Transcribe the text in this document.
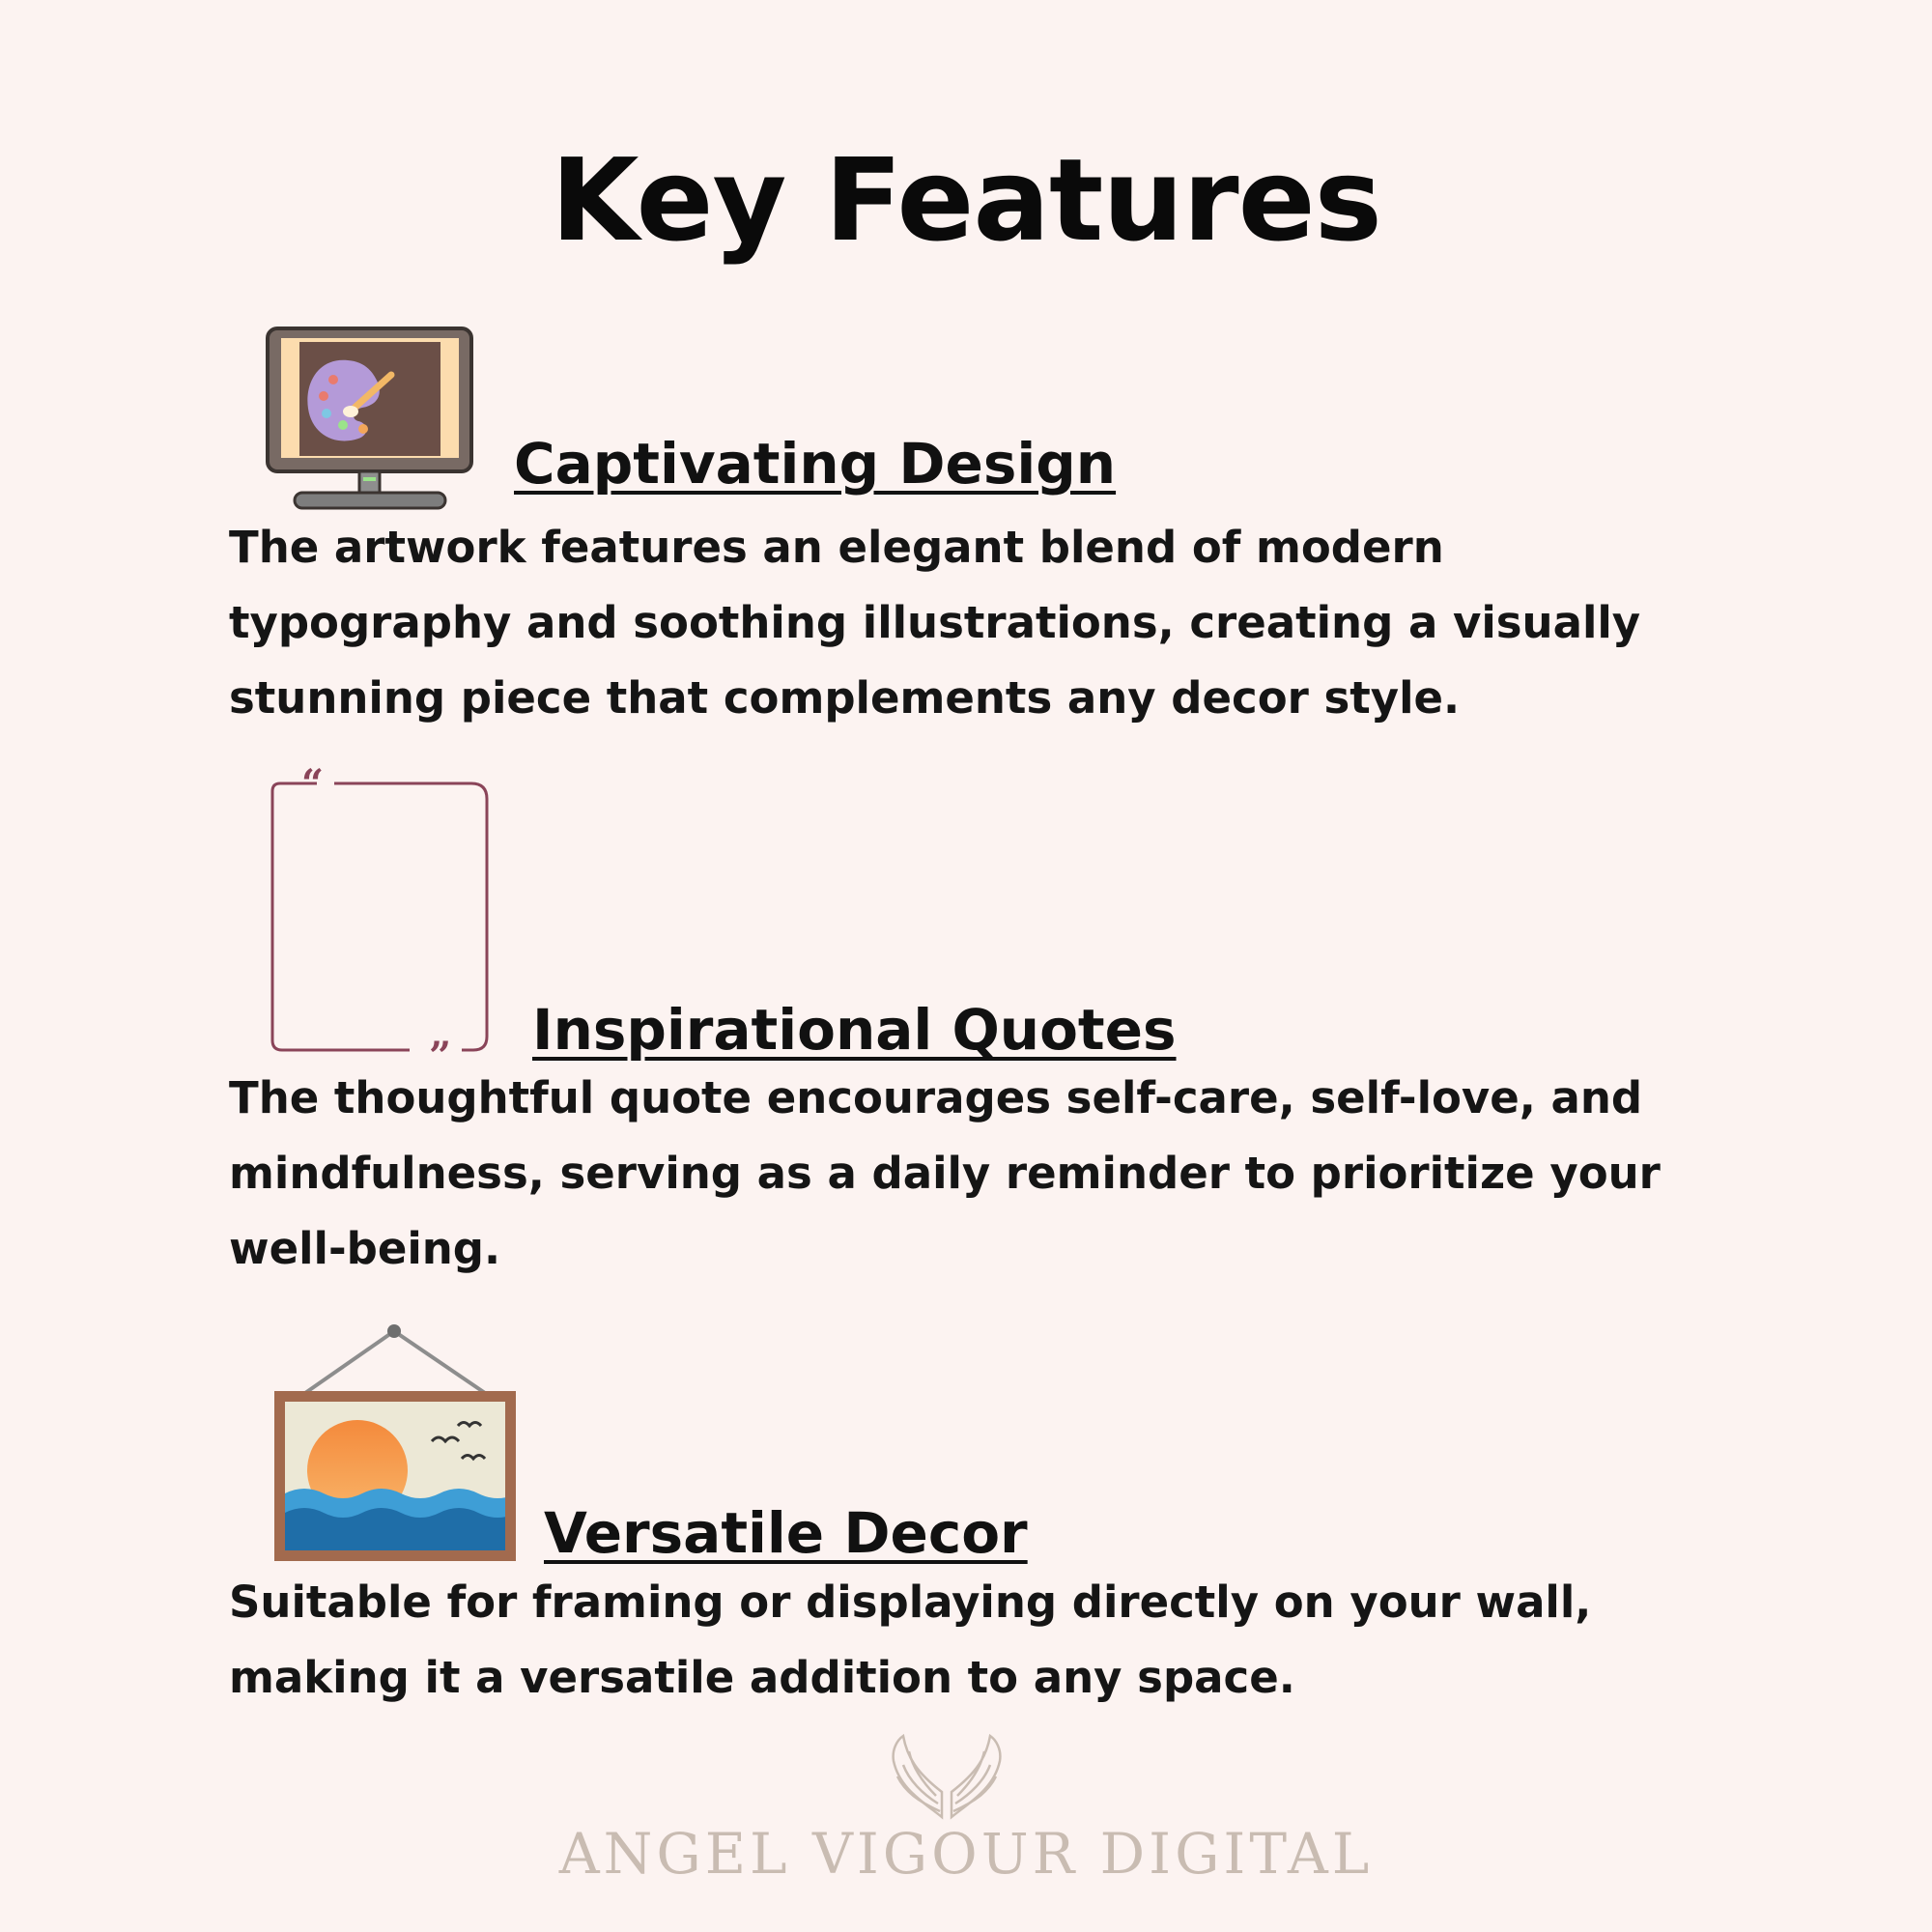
Key Features
Captivating Design
The artwork features an elegant blend of modern typography and soothing illustrations, creating a visually stunning piece that complements any decor style.
“
” Inspirational Quotes
The thoughtful quote encourages self-care, self-love, and mindfulness, serving as a daily reminder to prioritize your well-being.
Versatile Decor
Suitable for framing or displaying directly on your wall, making it a versatile addition to any space.
ANGEL VIGOUR DIGITAL
